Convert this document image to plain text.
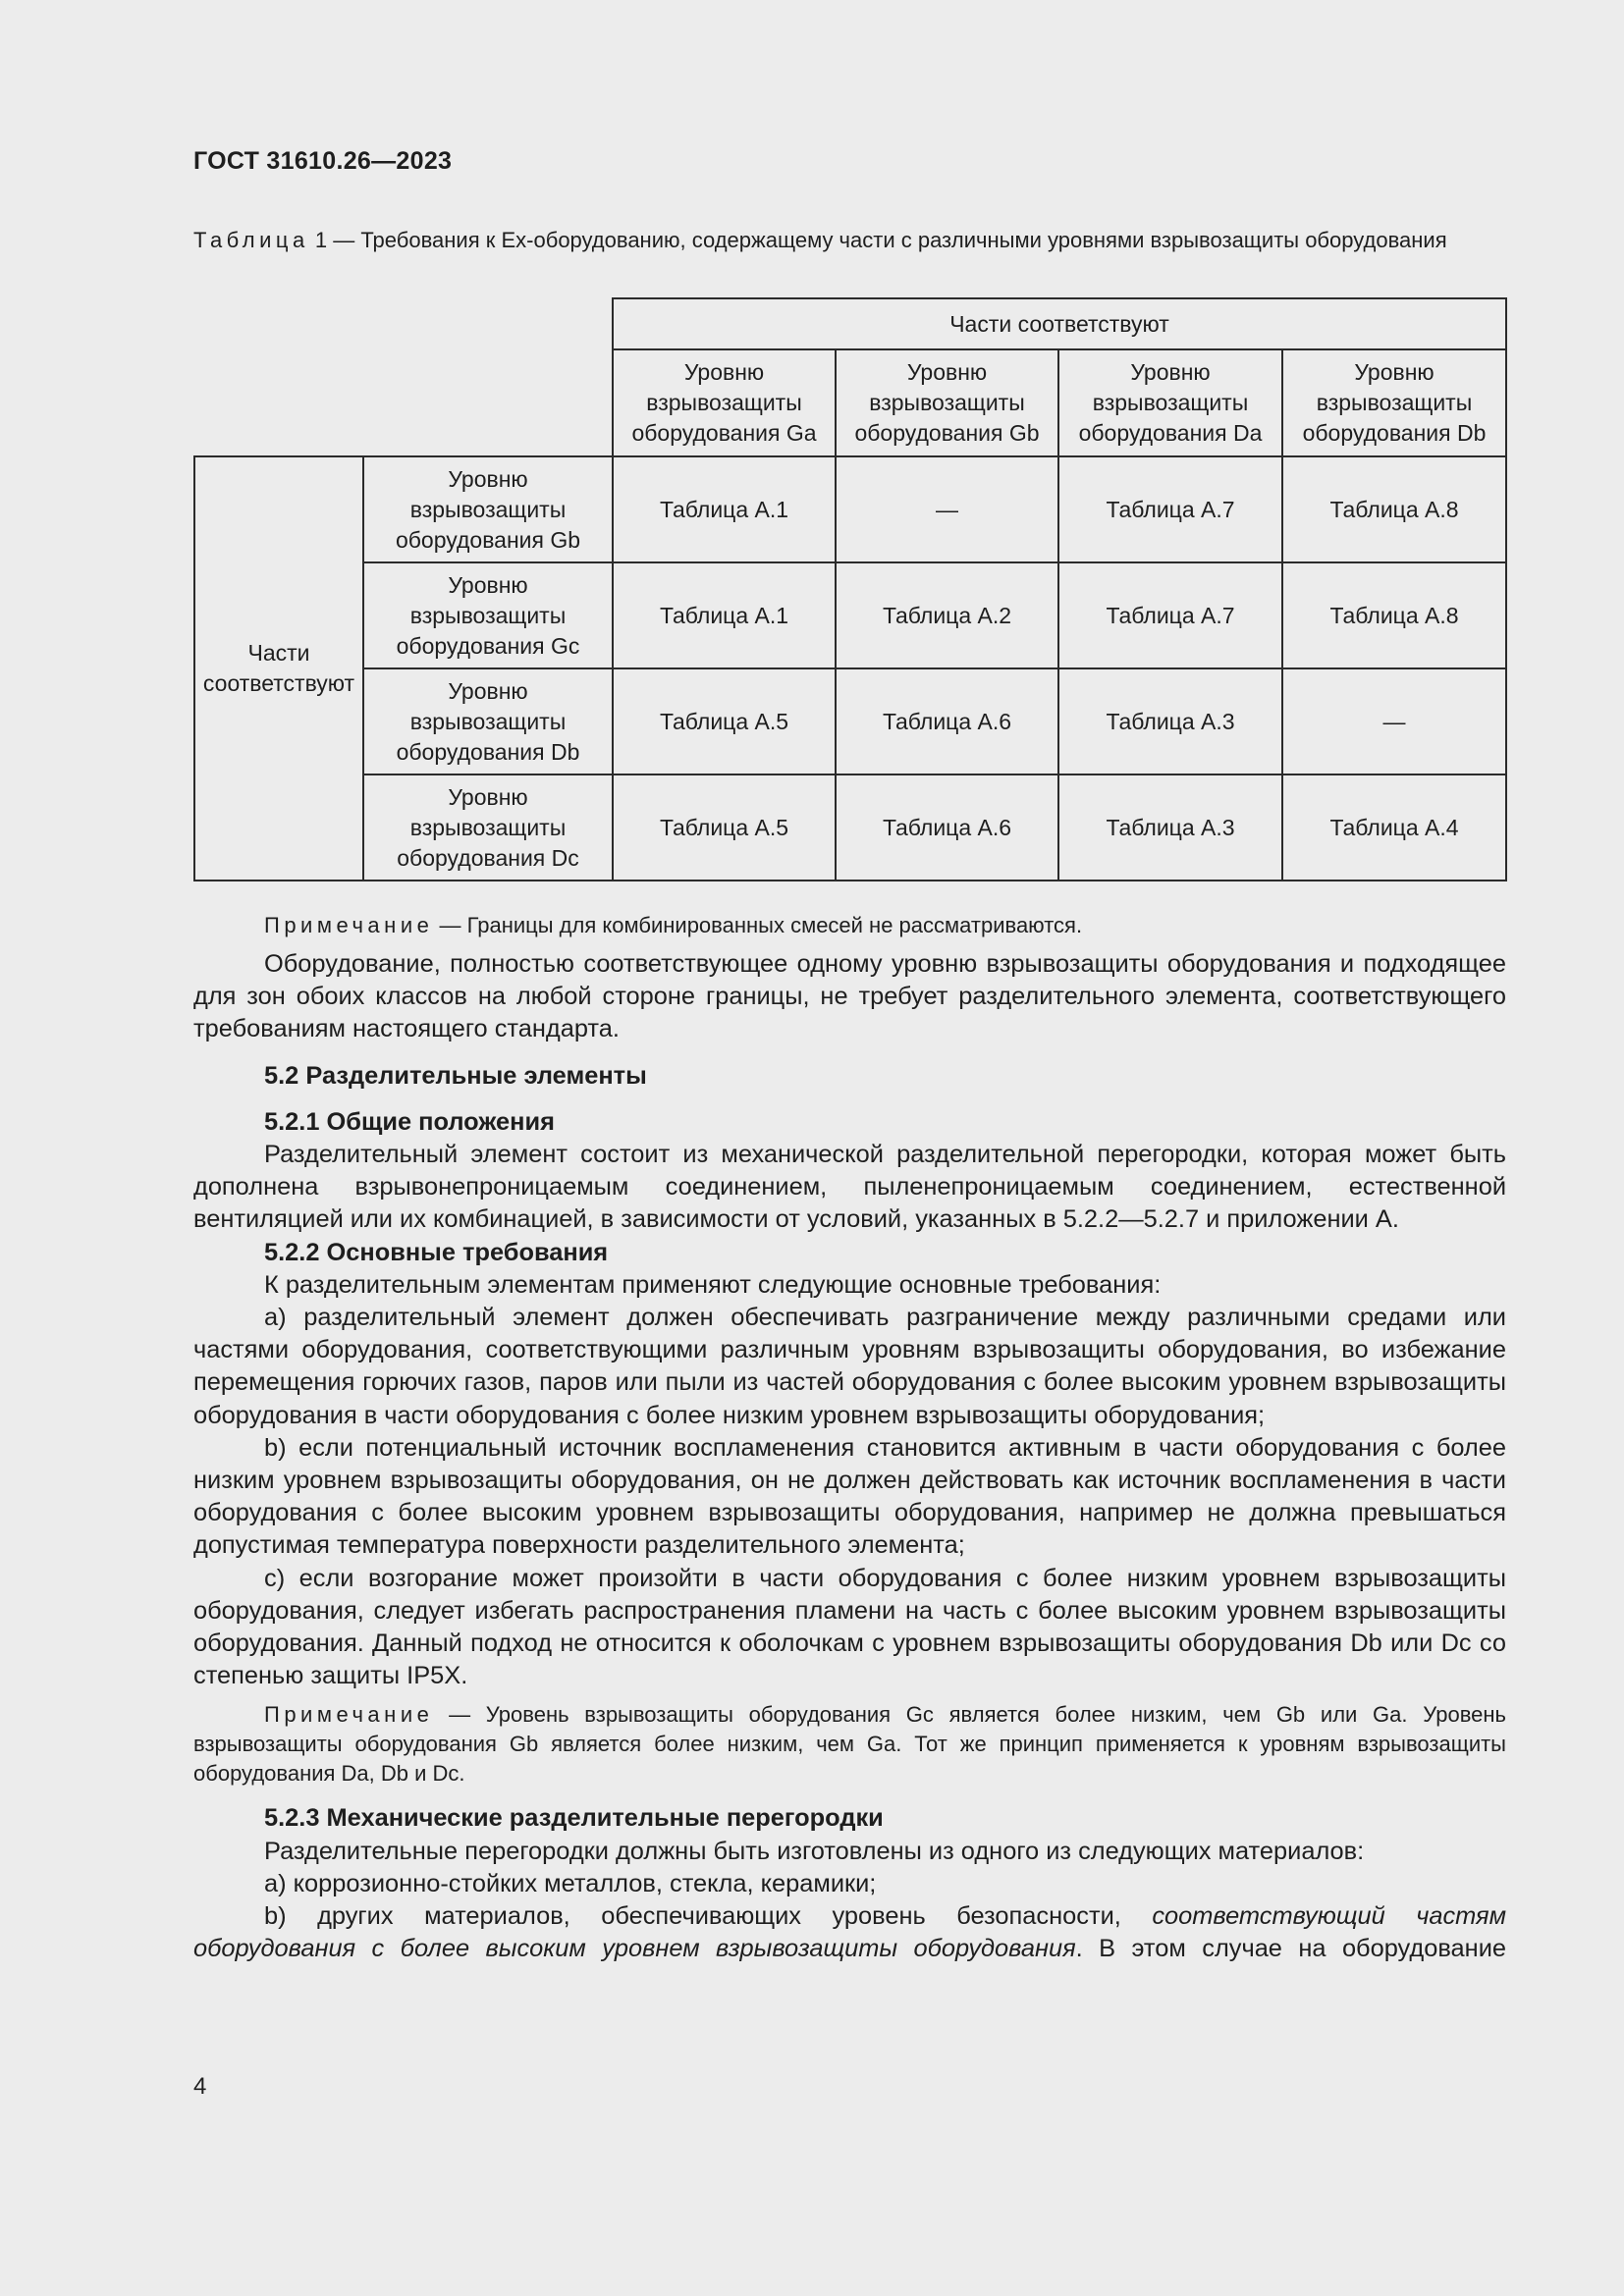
ГОСТ 31610.26—2023
Таблица 1 — Требования к Ех-оборудованию, содержащему части с различными уровнями взрывозащиты оборудования
		Части соответствуют			
		Уровню взрывозащиты оборудования Ga	Уровню взрывозащиты оборудования Gb	Уровню взрывозащиты оборудования Da	Уровню взрывозащиты оборудования Db
Части соответствуют	Уровню взрывозащиты оборудования Gb	Таблица А.1	—	Таблица А.7	Таблица А.8
	Уровню взрывозащиты оборудования Gc	Таблица А.1	Таблица А.2	Таблица А.7	Таблица А.8
	Уровню взрывозащиты оборудования Db	Таблица А.5	Таблица А.6	Таблица А.3	—
	Уровню взрывозащиты оборудования Dc	Таблица А.5	Таблица А.6	Таблица А.3	Таблица А.4

Примечание — Границы для комбинированных смесей не рассматриваются.

Оборудование, полностью соответствующее одному уровню взрывозащиты оборудования и подходящее для зон обоих классов на любой стороне границы, не требует разделительного элемента, соответствующего требованиям настоящего стандарта.

5.2 Разделительные элементы

5.2.1 Общие положения

Разделительный элемент состоит из механической разделительной перегородки, которая может быть дополнена взрывонепроницаемым соединением, пыленепроницаемым соединением, естественной вентиляцией или их комбинацией, в зависимости от условий, указанных в 5.2.2—5.2.7 и приложении А.

5.2.2 Основные требования

К разделительным элементам применяют следующие основные требования:

a) разделительный элемент должен обеспечивать разграничение между различными средами или частями оборудования, соответствующими различным уровням взрывозащиты оборудования, во избежание перемещения горючих газов, паров или пыли из частей оборудования с более высоким уровнем взрывозащиты оборудования в части оборудования с более низким уровнем взрывозащиты оборудования;

b) если потенциальный источник воспламенения становится активным в части оборудования с более низким уровнем взрывозащиты оборудования, он не должен действовать как источник воспламенения в части оборудования с более высоким уровнем взрывозащиты оборудования, например не должна превышаться допустимая температура поверхности разделительного элемента;

c) если возгорание может произойти в части оборудования с более низким уровнем взрывозащиты оборудования, следует избегать распространения пламени на часть с более высоким уровнем взрывозащиты оборудования. Данный подход не относится к оболочкам с уровнем взрывозащиты оборудования Db или Dc со степенью защиты IP5X.

Примечание — Уровень взрывозащиты оборудования Gc является более низким, чем Gb или Ga. Уровень взрывозащиты оборудования Gb является более низким, чем Ga. Тот же принцип применяется к уровням взрывозащиты оборудования Da, Db и Dc.

5.2.3 Механические разделительные перегородки

Разделительные перегородки должны быть изготовлены из одного из следующих материалов:

a) коррозионно-стойких металлов, стекла, керамики;

b) других материалов, обеспечивающих уровень безопасности, соответствующий частям оборудования с более высоким уровнем взрывозащиты оборудования. В этом случае на оборудование

4
